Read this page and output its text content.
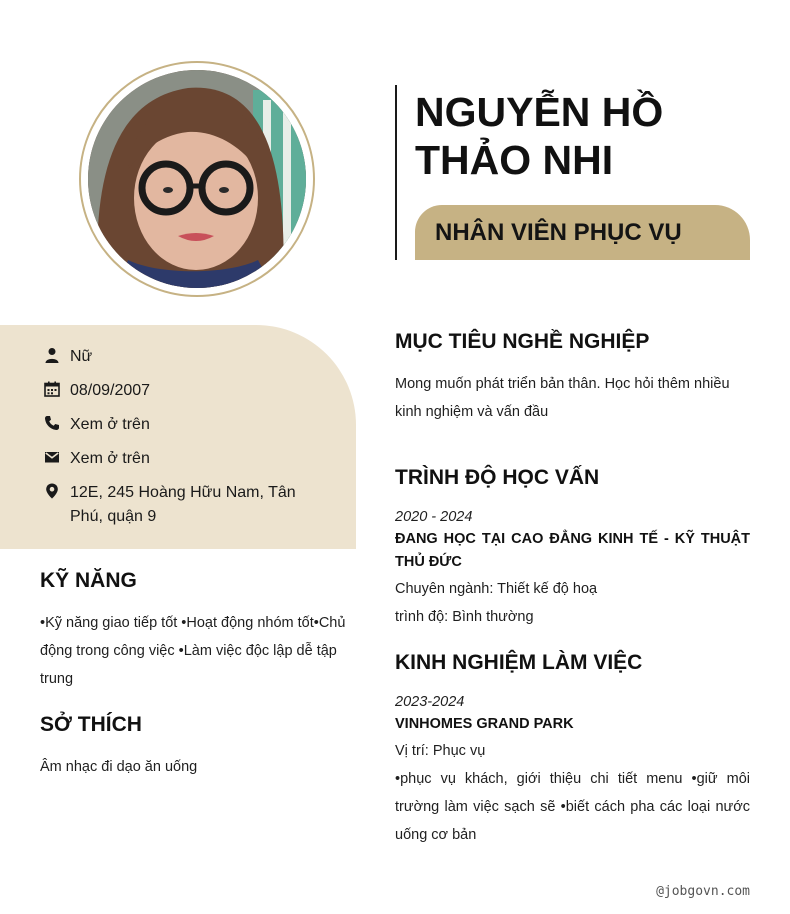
NGUYỄN HỒ THẢO NHI
NHÂN VIÊN PHỤC VỤ
Nữ
08/09/2007
Xem ở trên
Xem ở trên
12E, 245 Hoàng Hữu Nam, Tân Phú, quận 9
KỸ NĂNG
•Kỹ năng giao tiếp tốt •Hoạt động nhóm tốt•Chủ động trong công việc •Làm việc độc lập dễ tập trung
SỞ THÍCH
Âm nhạc đi dạo ăn uống
MỤC TIÊU NGHỀ NGHIỆP
Mong muốn phát triển bản thân. Học hỏi thêm nhiều kinh nghiệm và vấn đầu
TRÌNH ĐỘ HỌC VẤN
2020 - 2024
ĐANG HỌC TẠI CAO ĐẲNG KINH TẾ - KỸ THUẬT THỦ ĐỨC
Chuyên ngành: Thiết kế độ hoạ
trình độ: Bình thường
KINH NGHIỆM LÀM VIỆC
2023-2024
VINHOMES GRAND PARK
Vị trí: Phục vụ
•phục vụ khách, giới thiệu chi tiết menu •giữ môi trường làm việc sạch sẽ •biết cách pha các loại nước uống cơ bản
@jobgovn.com
